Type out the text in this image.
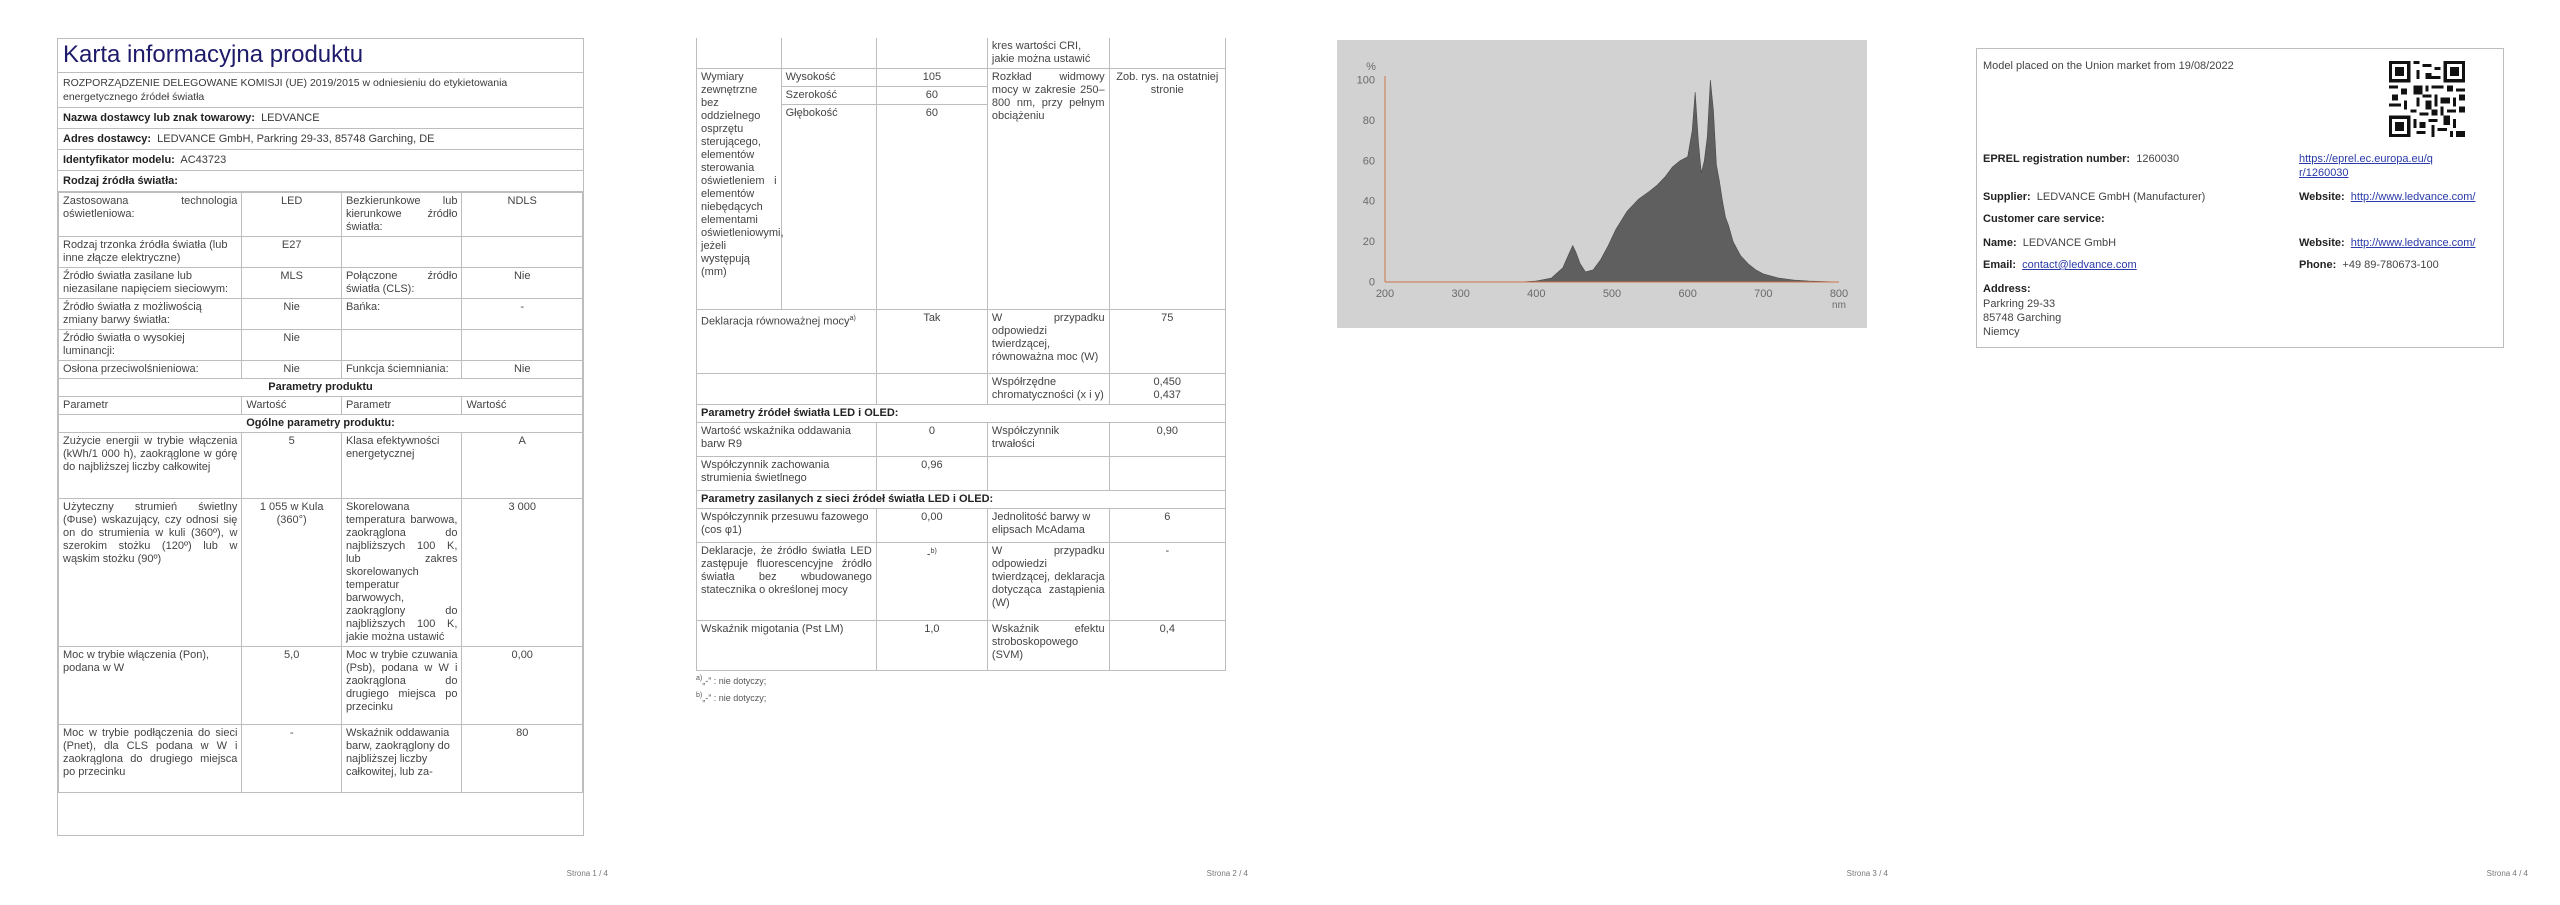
Karta informacyjna produktu
ROZPORZĄDZENIE DELEGOWANE KOMISJI (UE) 2019/2015 w odniesieniu do etykietowania energetycznego źródeł światła
Nazwa dostawcy lub znak towarowy: LEDVANCE
Adres dostawcy: LEDVANCE GmbH, Parkring 29-33, 85748 Garching, DE
Identyfikator modelu: AC43723
Rodzaj źródła światła:
Zastosowana technologia oświetleniowa:	LED	Bezkierunkowe lub kierunkowe źródło światła:	NDLS
Rodzaj trzonka źródła światła (lub inne złącze elektryczne)	E27		
Źródło światła zasilane lub niezasilane napięciem sieciowym:	MLS	Połączone źródło światła (CLS):	Nie
Źródło światła z możliwością zmiany barwy światła:	Nie	Bańka:	-
Źródło światła o wysokiej luminancji:	Nie		
Osłona przeciwolśnieniowa:	Nie	Funkcja ściemniania:	Nie
Parametry produktu			
Parametr	Wartość	Parametr	Wartość
Ogólne parametry produktu:			
Zużycie energii w trybie włączenia (kWh/1 000 h), zaokrąglone w górę do najbliższej liczby całkowitej	5	Klasa efektywności energetycznej	A
Użyteczny strumień świetlny (Φuse) wskazujący, czy odnosi się on do strumienia w kuli (360º), w szerokim stożku (120º) lub w wąskim stożku (90º)	1 055 w Kula (360°)	Skorelowana temperatura barwowa, zaokrąglona do najbliższych 100 K, lub zakres skorelowanych temperatur barwowych, zaokrąglony do najbliższych 100 K, jakie można ustawić	3 000
Moc w trybie włączenia (Pon), podana w W	5,0	Moc w trybie czuwania (Psb), podana w W i zaokrąglona do drugiego miejsca po przecinku	0,00
Moc w trybie podłączenia do sieci (Pnet), dla CLS podana w W i zaokrąglona do drugiego miejsca po przecinku	-	Wskaźnik oddawania barw, zaokrąglony do najbliższej liczby całkowitej, lub za-	80
Strona 1 / 4
			kres wartości CRI, jakie można ustawić	
Wymiary zewnętrzne bez oddzielnego osprzętu sterującego, elementów sterowania oświetleniem i elementów niebędących elementami oświetleniowymi, jeżeli występują (mm)	Wysokość	105	Rozkład widmowy mocy w zakresie 250–800 nm, przy pełnym obciążeniu	Zob. rys. na ostatniej stronie
	Szerokość	60		
	Głębokość	60		
Deklaracja równoważnej mocy$^{a)}$		Tak	W przypadku odpowiedzi twierdzącej, równoważna moc (W)	75
			Współrzędne chromatyczności (x i y)	0,450
0,437

Parametry źródeł światła LED i OLED:				
Wartość wskaźnika oddawania barw R9		0	Współczynnik trwałości	0,90
Współczynnik zachowania strumienia świetlnego		0,96		
Parametry zasilanych z sieci źródeł światła LED i OLED:				
Współczynnik przesuwu fazowego (cos φ1)		0,00	Jednolitość barwy w elipsach McAdama	6
Deklaracje, że źródło światła LED zastępuje fluorescencyjne źródło światła bez wbudowanego statecznika o określonej mocy		-$^{b)}$	W przypadku odpowiedzi twierdzącej, deklaracja dotycząca zastąpienia (W)	-
Wskaźnik migotania (Pst LM)		1,0	Wskaźnik efektu stroboskopowego (SVM)	0,4
$^{a)}$„-” : nie dotyczy;
$^{b)}$„-” : nie dotyczy;
Strona 2 / 4
0
20
40
60
80
100
200	300	400	500	600	700	800
%
nm
Strona 3 / 4
Model placed on the Union market from 19/08/2022
EPREL registration number: 1260030	https://eprel.ec.europa.eu/qr/1260030
Supplier: LEDVANCE GmbH (Manufacturer)	Website: http://www.ledvance.com/
Customer care service:
Name: LEDVANCE GmbH	Website: http://www.ledvance.com/
Email: contact@ledvance.com	Phone: +49 89-780673-100
Address:
Parkring 29-33
85748 Garching
Niemcy
Strona 4 / 4
